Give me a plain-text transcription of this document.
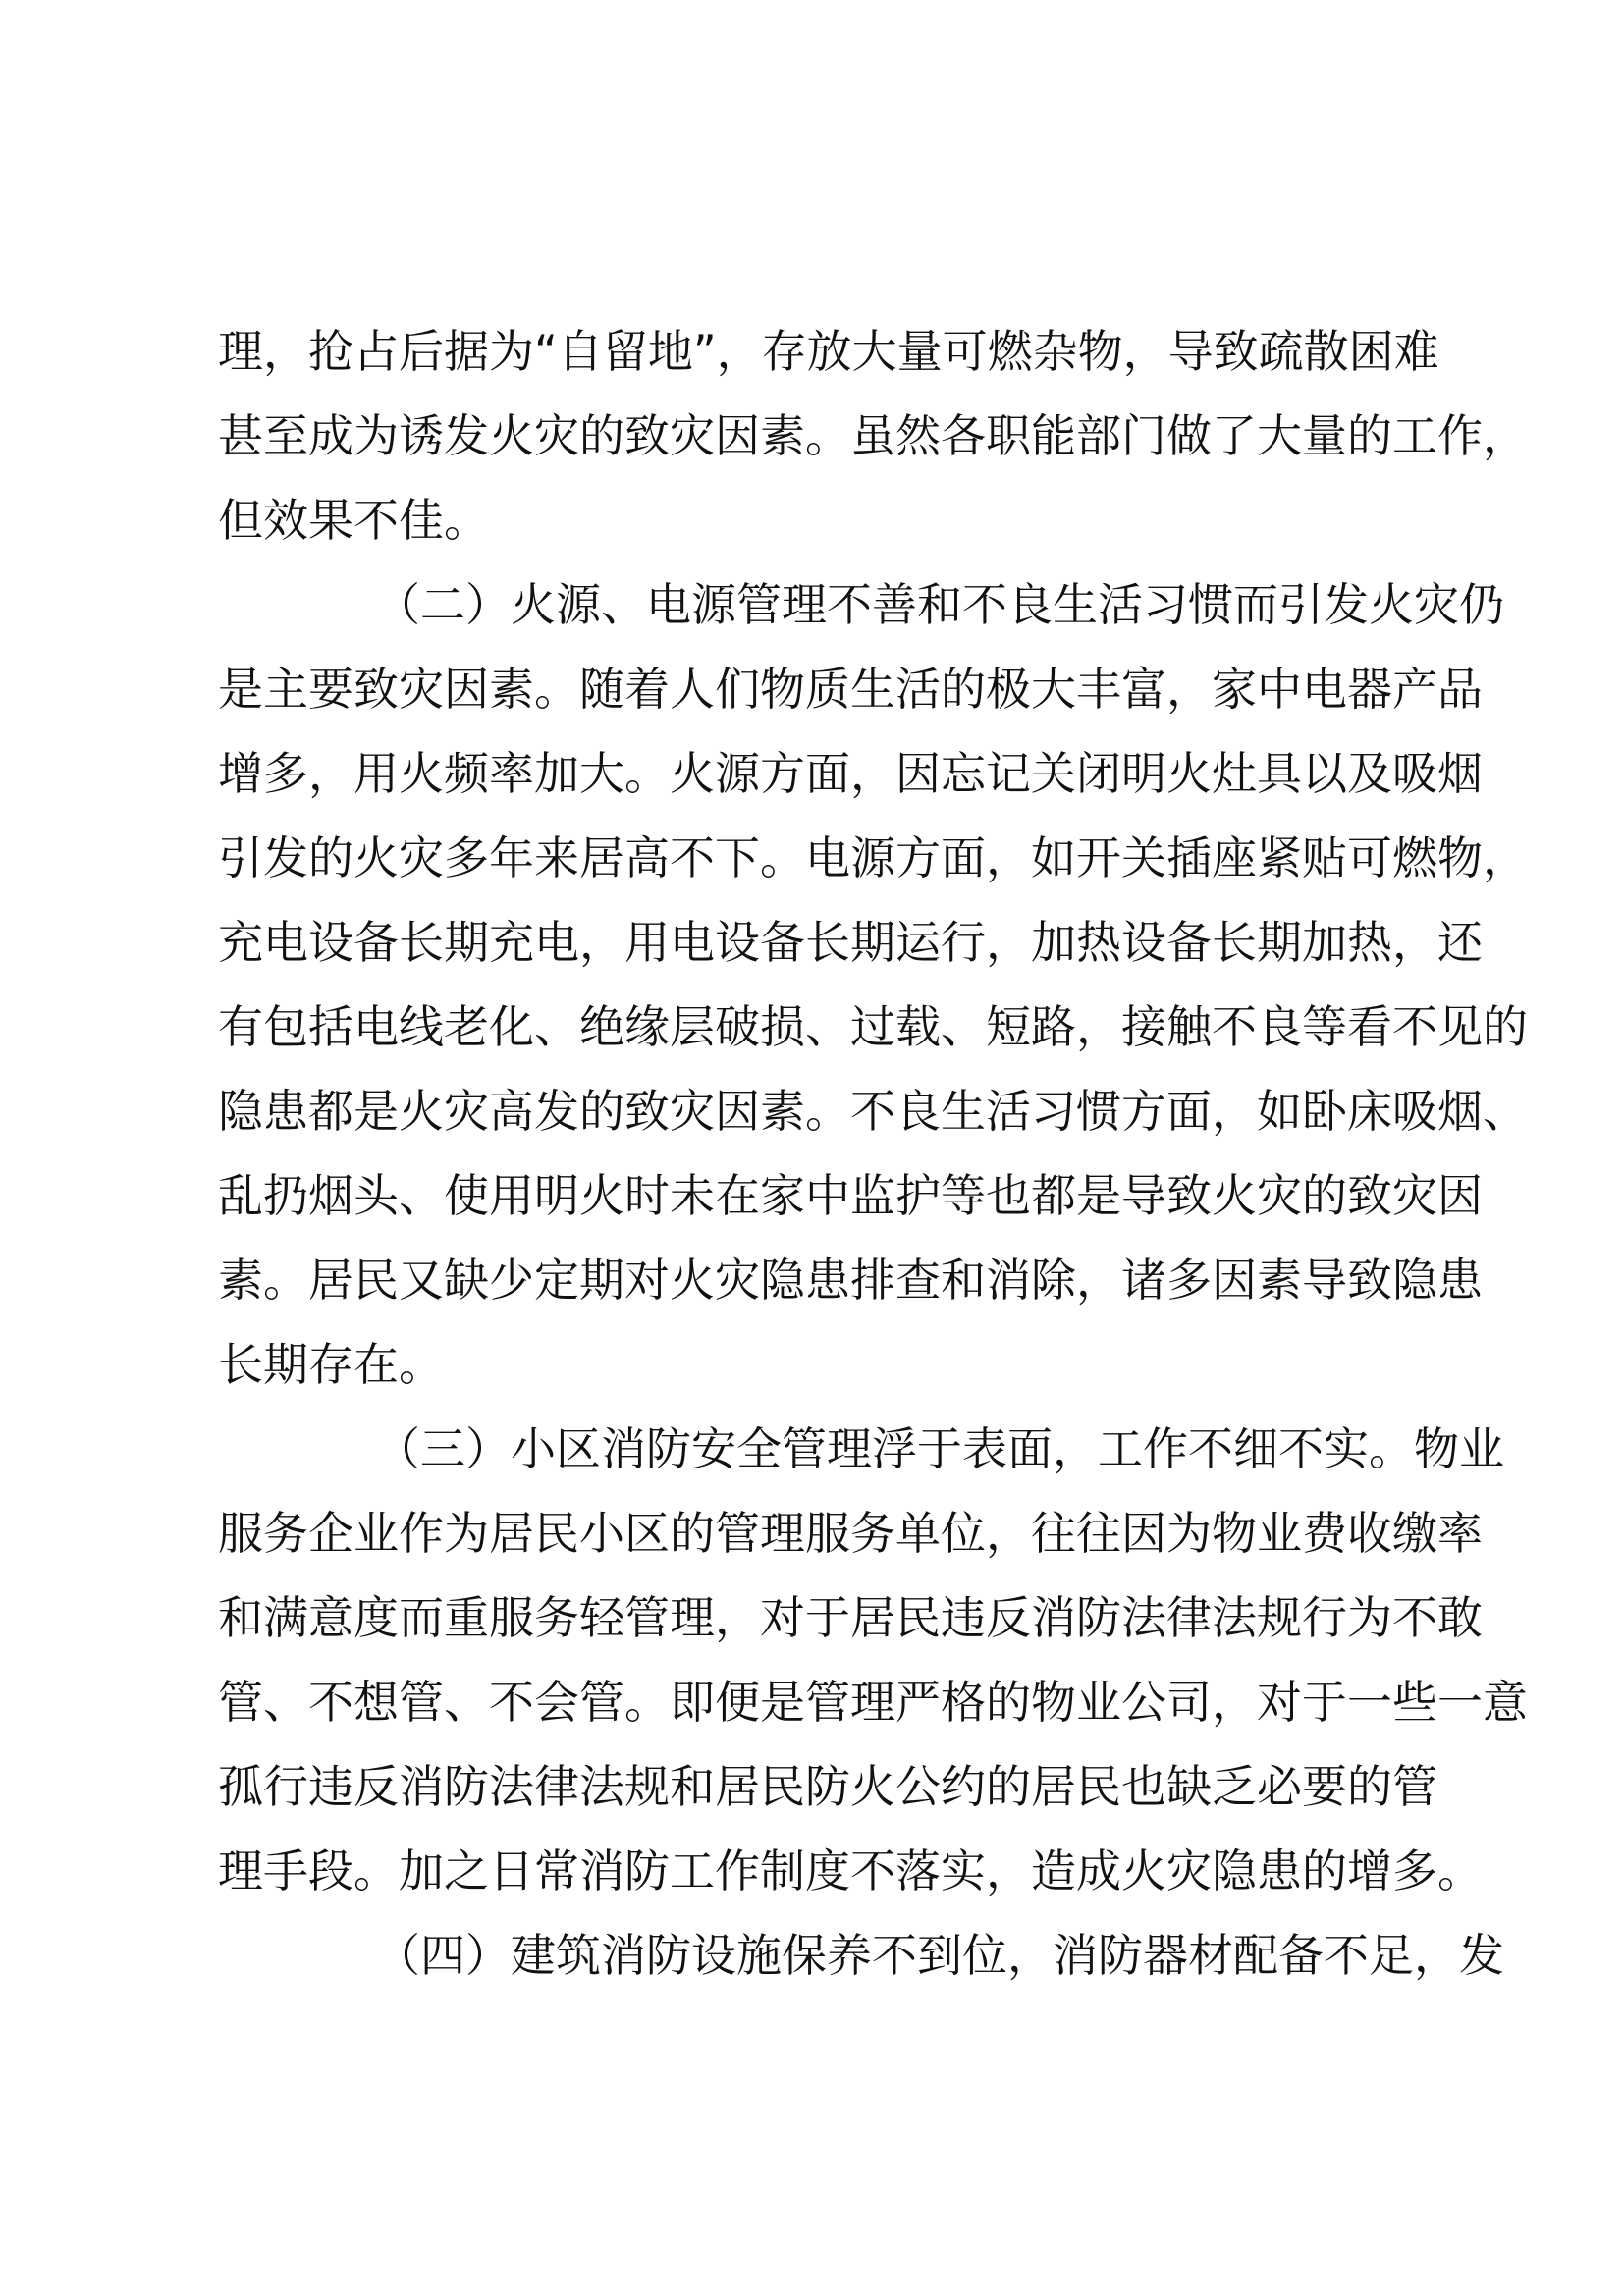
理，抢占后据为“自留地”，存放大量可燃杂物，导致疏散困难
甚至成为诱发火灾的致灾因素。虽然各职能部门做了大量的工作，
但效果不佳。
（二）火源、电源管理不善和不良生活习惯而引发火灾仍
是主要致灾因素。随着人们物质生活的极大丰富，家中电器产品
增多，用火频率加大。火源方面，因忘记关闭明火灶具以及吸烟
引发的火灾多年来居高不下。电源方面，如开关插座紧贴可燃物，
充电设备长期充电，用电设备长期运行，加热设备长期加热，还
有包括电线老化、绝缘层破损、过载、短路，接触不良等看不见的
隐患都是火灾高发的致灾因素。不良生活习惯方面，如卧床吸烟、
乱扔烟头、使用明火时未在家中监护等也都是导致火灾的致灾因
素。居民又缺少定期对火灾隐患排查和消除，诸多因素导致隐患
长期存在。
（三）小区消防安全管理浮于表面，工作不细不实。物业
服务企业作为居民小区的管理服务单位，往往因为物业费收缴率
和满意度而重服务轻管理，对于居民违反消防法律法规行为不敢
管、不想管、不会管。即便是管理严格的物业公司，对于一些一意
孤行违反消防法律法规和居民防火公约的居民也缺乏必要的管
理手段。加之日常消防工作制度不落实，造成火灾隐患的增多。
（四）建筑消防设施保养不到位，消防器材配备不足，发
